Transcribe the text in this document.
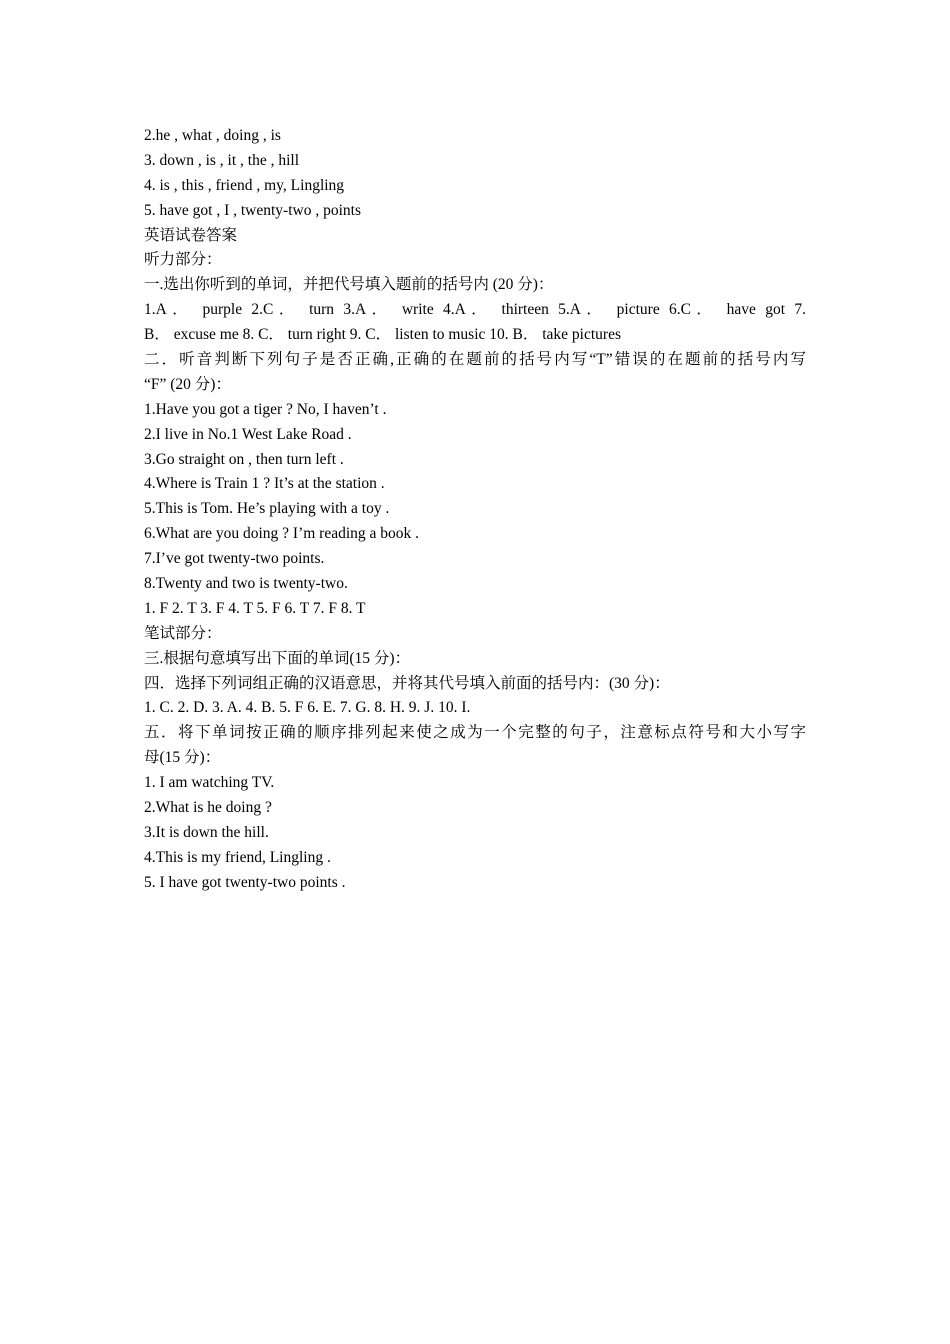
2.he , what , doing , is
3. down , is , it , the , hill
4. is , this , friend , my, Lingling
5. have got , I , twenty-two , points
英语试卷答案
听力部分：
一.选出你听到的单词，并把代号填入题前的括号内 (20 分)：
1.A． purple 2.C． turn 3.A． write 4.A． thirteen 5.A． picture 6.C． have got 7.
B． excuse me 8. C． turn right 9. C． listen to music 10. B． take pictures
二．听音判断下列句子是否正确,正确的在题前的括号内写“T”错误的在题前的括号内写
“F” (20 分)：
1.Have you got a tiger ? No, I haven’t .
2.I live in No.1 West Lake Road .
3.Go straight on , then turn left .
4.Where is Train 1 ? It’s at the station .
5.This is Tom. He’s playing with a toy .
6.What are you doing ? I’m reading a book .
7.I’ve got twenty-two points.
8.Twenty and two is twenty-two.
1. F 2. T 3. F 4. T 5. F 6. T 7. F 8. T
笔试部分：
三.根据句意填写出下面的单词(15 分)：
四．选择下列词组正确的汉语意思，并将其代号填入前面的括号内：(30 分)：
1. C. 2. D. 3. A. 4. B. 5. F 6. E. 7. G. 8. H. 9. J. 10. I.
五．将下单词按正确的顺序排列起来使之成为一个完整的句子，注意标点符号和大小写字
母(15 分)：
1. I am watching TV.
2.What is he doing ?
3.It is down the hill.
4.This is my friend, Lingling .
5. I have got twenty-two points .
